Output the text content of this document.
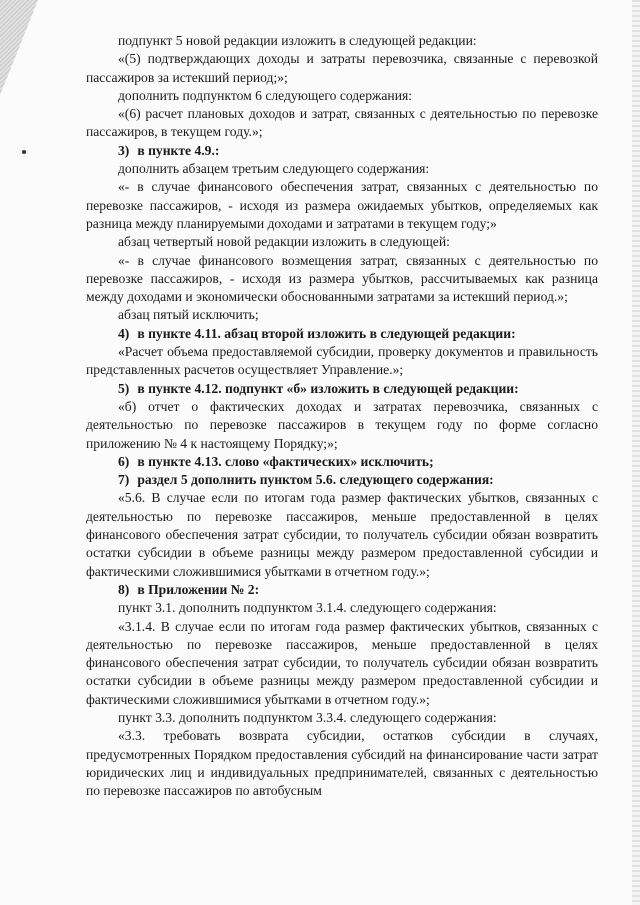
подпункт 5 новой редакции изложить в следующей редакции:

«(5) подтверждающих доходы и затраты перевозчика, связанные с перевозкой пассажиров за истекший период;»;

дополнить подпунктом 6 следующего содержания:

«(6) расчет плановых доходов и затрат, связанных с деятельностью по перевозке пассажиров, в текущем году.»;

3) в пункте 4.9.:

дополнить абзацем третьим следующего содержания:

«- в случае финансового обеспечения затрат, связанных с деятельностью по перевозке пассажиров, - исходя из размера ожидаемых убытков, определяемых как разница между планируемыми доходами и затратами в текущем году;»

абзац четвертый новой редакции изложить в следующей:

«- в случае финансового возмещения затрат, связанных с деятельностью по перевозке пассажиров, - исходя из размера убытков, рассчитываемых как разница между доходами и экономически обоснованными затратами за истекший период.»;

абзац пятый исключить;

4) в пункте 4.11. абзац второй изложить в следующей редакции:

«Расчет объема предоставляемой субсидии, проверку документов и правильность представленных расчетов осуществляет Управление.»;

5) в пункте 4.12. подпункт «б» изложить в следующей редакции:

«б) отчет о фактических доходах и затратах перевозчика, связанных с деятельностью по перевозке пассажиров в текущем году по форме согласно приложению № 4 к настоящему Порядку;»;

6) в пункте 4.13. слово «фактических» исключить;

7) раздел 5 дополнить пунктом 5.6. следующего содержания:

«5.6. В случае если по итогам года размер фактических убытков, связанных с деятельностью по перевозке пассажиров, меньше предоставленной в целях финансового обеспечения затрат субсидии, то получатель субсидии обязан возвратить остатки субсидии в объеме разницы между размером предоставленной субсидии и фактическими сложившимися убытками в отчетном году.»;

8) в Приложении № 2:

пункт 3.1. дополнить подпунктом 3.1.4. следующего содержания:

«3.1.4. В случае если по итогам года размер фактических убытков, связанных с деятельностью по перевозке пассажиров, меньше предоставленной в целях финансового обеспечения затрат субсидии, то получатель субсидии обязан возвратить остатки субсидии в объеме разницы между размером предоставленной субсидии и фактическими сложившимися убытками в отчетном году.»;

пункт 3.3. дополнить подпунктом 3.3.4. следующего содержания:

«3.3. требовать возврата субсидии, остатков субсидии в случаях, предусмотренных Порядком предоставления субсидий на финансирование части затрат юридических лиц и индивидуальных предпринимателей, связанных с деятельностью по перевозке пассажиров по автобусным
